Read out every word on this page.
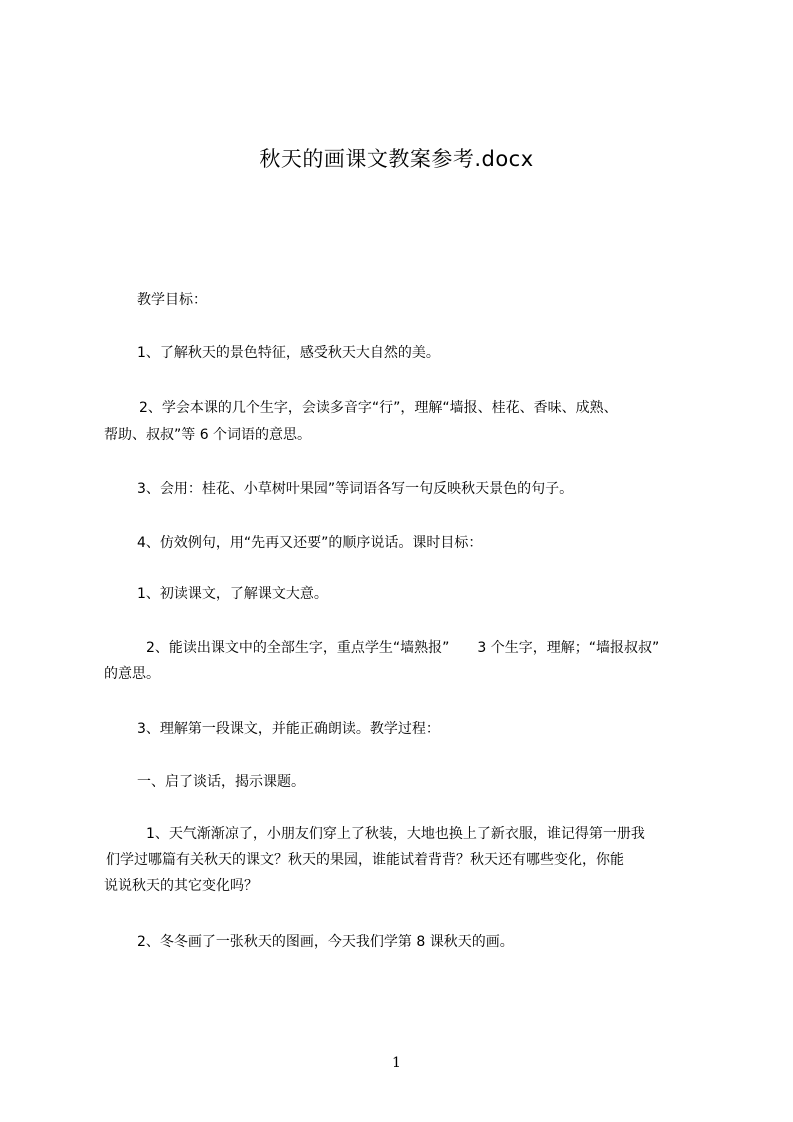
秋天的画课文教案参考.docx
教学目标：
1、了解秋天的景色特征，感受秋天大自然的美。
2、学会本课的几个生字，会读多音字“行”，理解“墙报、桂花、香味、成熟、
帮助、叔叔”等 6 个词语的意思。
3、会用：桂花、小草树叶果园”等词语各写一句反映秋天景色的句子。
4、仿效例句，用“先再又还要”的顺序说话。课时目标：
1、初读课文，了解课文大意。
2、能读出课文中的全部生字，重点学生“墙熟报”　　3 个生字，理解；“墙报叔叔”
的意思。
3、理解第一段课文，并能正确朗读。教学过程：
一、启了谈话，揭示课题。
1、天气渐渐凉了，小朋友们穿上了秋装，大地也换上了新衣服，谁记得第一册我
们学过哪篇有关秋天的课文？秋天的果园，谁能试着背背？秋天还有哪些变化，你能
说说秋天的其它变化吗？
2、冬冬画了一张秋天的图画，今天我们学第 8 课秋天的画。
1
